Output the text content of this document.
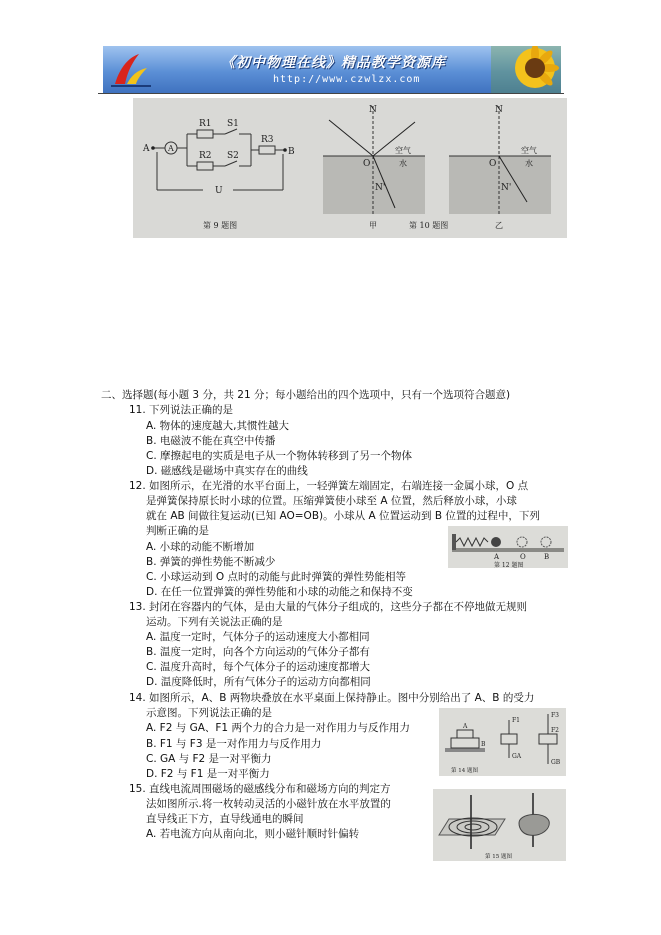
《初中物理在线》精品教学资源库
http://www.czwlzx.com
A A
R1 S1
R2 S2
R3
B
U
N
O
N'
空气
水
N
O
N'
空气
水
第 9 题图	甲	第 10 题图	乙
二、选择题(每小题 3 分，共 21 分；每小题给出的四个选项中，只有一个选项符合题意)
11. 下列说法正确的是
A. 物体的速度越大,其惯性越大
B. 电磁波不能在真空中传播
C. 摩擦起电的实质是电子从一个物体转移到了另一个物体
D. 磁感线是磁场中真实存在的曲线
12. 如图所示，在光滑的水平台面上，一轻弹簧左端固定，右端连接一金属小球，O 点
是弹簧保持原长时小球的位置。压缩弹簧使小球至 A 位置，然后释放小球，小球
就在 AB 间做往复运动(已知 AO=OB)。小球从 A 位置运动到 B 位置的过程中，下列
判断正确的是
A. 小球的动能不断增加
B. 弹簧的弹性势能不断减少
C. 小球运动到 O 点时的动能与此时弹簧的弹性势能相等
D. 在任一位置弹簧的弹性势能和小球的动能之和保持不变
A	O	B
第 12 题图
13. 封闭在容器内的气体，是由大量的气体分子组成的，这些分子都在不停地做无规则
运动。下列有关说法正确的是
A. 温度一定时，气体分子的运动速度大小都相同
B. 温度一定时，向各个方向运动的气体分子都有
C. 温度升高时，每个气体分子的运动速度都增大
D. 温度降低时，所有气体分子的运动方向都相同
14. 如图所示，A、B 两物块叠放在水平桌面上保持静止。图中分别给出了 A、B 的受力
示意图。下列说法正确的是
A. F2 与 GA、F1 两个力的合力是一对作用力与反作用力
B. F1 与 F3 是一对作用力与反作用力
C. GA 与 F2 是一对平衡力
D. F2 与 F1 是一对平衡力
A
B
F1
GA
F3
F2
GB
第 14 题图
15. 直线电流周围磁场的磁感线分布和磁场方向的判定方
法如图所示.将一枚转动灵活的小磁针放在水平放置的
直导线正下方，直导线通电的瞬间
A. 若电流方向从南向北，则小磁针顺时针偏转
第 15 题图
